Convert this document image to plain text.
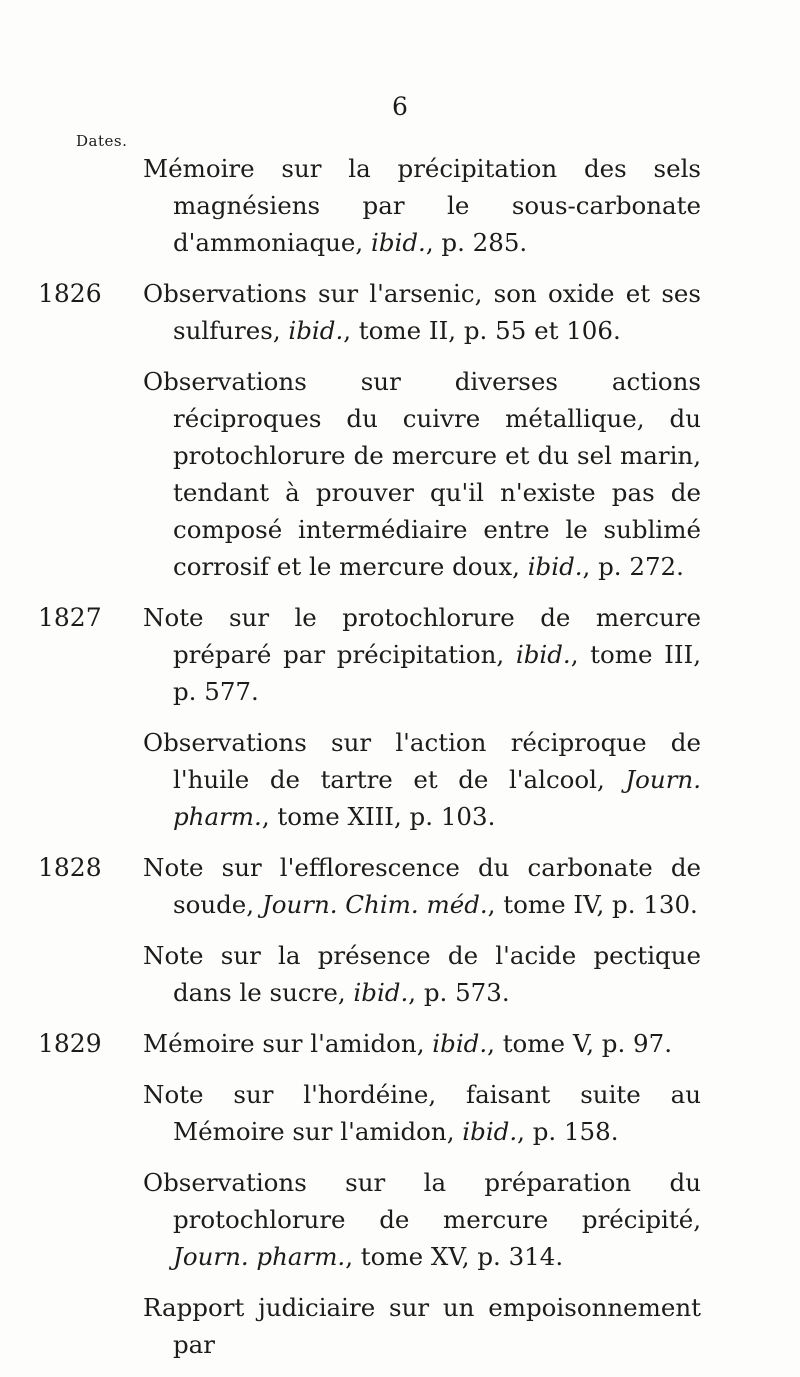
6
Dates.
Mémoire sur la précipitation des sels magnésiens par le sous-carbonate d'ammoniaque, ibid., p. 285.
1826 Observations sur l'arsenic, son oxide et ses sulfures, ibid., tome II, p. 55 et 106.
Observations sur diverses actions réciproques du cuivre métallique, du protochlorure de mercure et du sel marin, tendant à prouver qu'il n'existe pas de composé intermédiaire entre le sublimé corrosif et le mercure doux, ibid., p. 272.
1827 Note sur le protochlorure de mercure préparé par précipitation, ibid., tome III, p. 577.
Observations sur l'action réciproque de l'huile de tartre et de l'alcool, Journ. pharm., tome XIII, p. 103.
1828 Note sur l'efflorescence du carbonate de soude, Journ. Chim. méd., tome IV, p. 130.
Note sur la présence de l'acide pectique dans le sucre, ibid., p. 573.
1829 Mémoire sur l'amidon, ibid., tome V, p. 97.
Note sur l'hordéine, faisant suite au Mémoire sur l'amidon, ibid., p. 158.
Observations sur la préparation du protochlorure de mercure précipité, Journ. pharm., tome XV, p. 314.
Rapport judiciaire sur un empoisonnement par
